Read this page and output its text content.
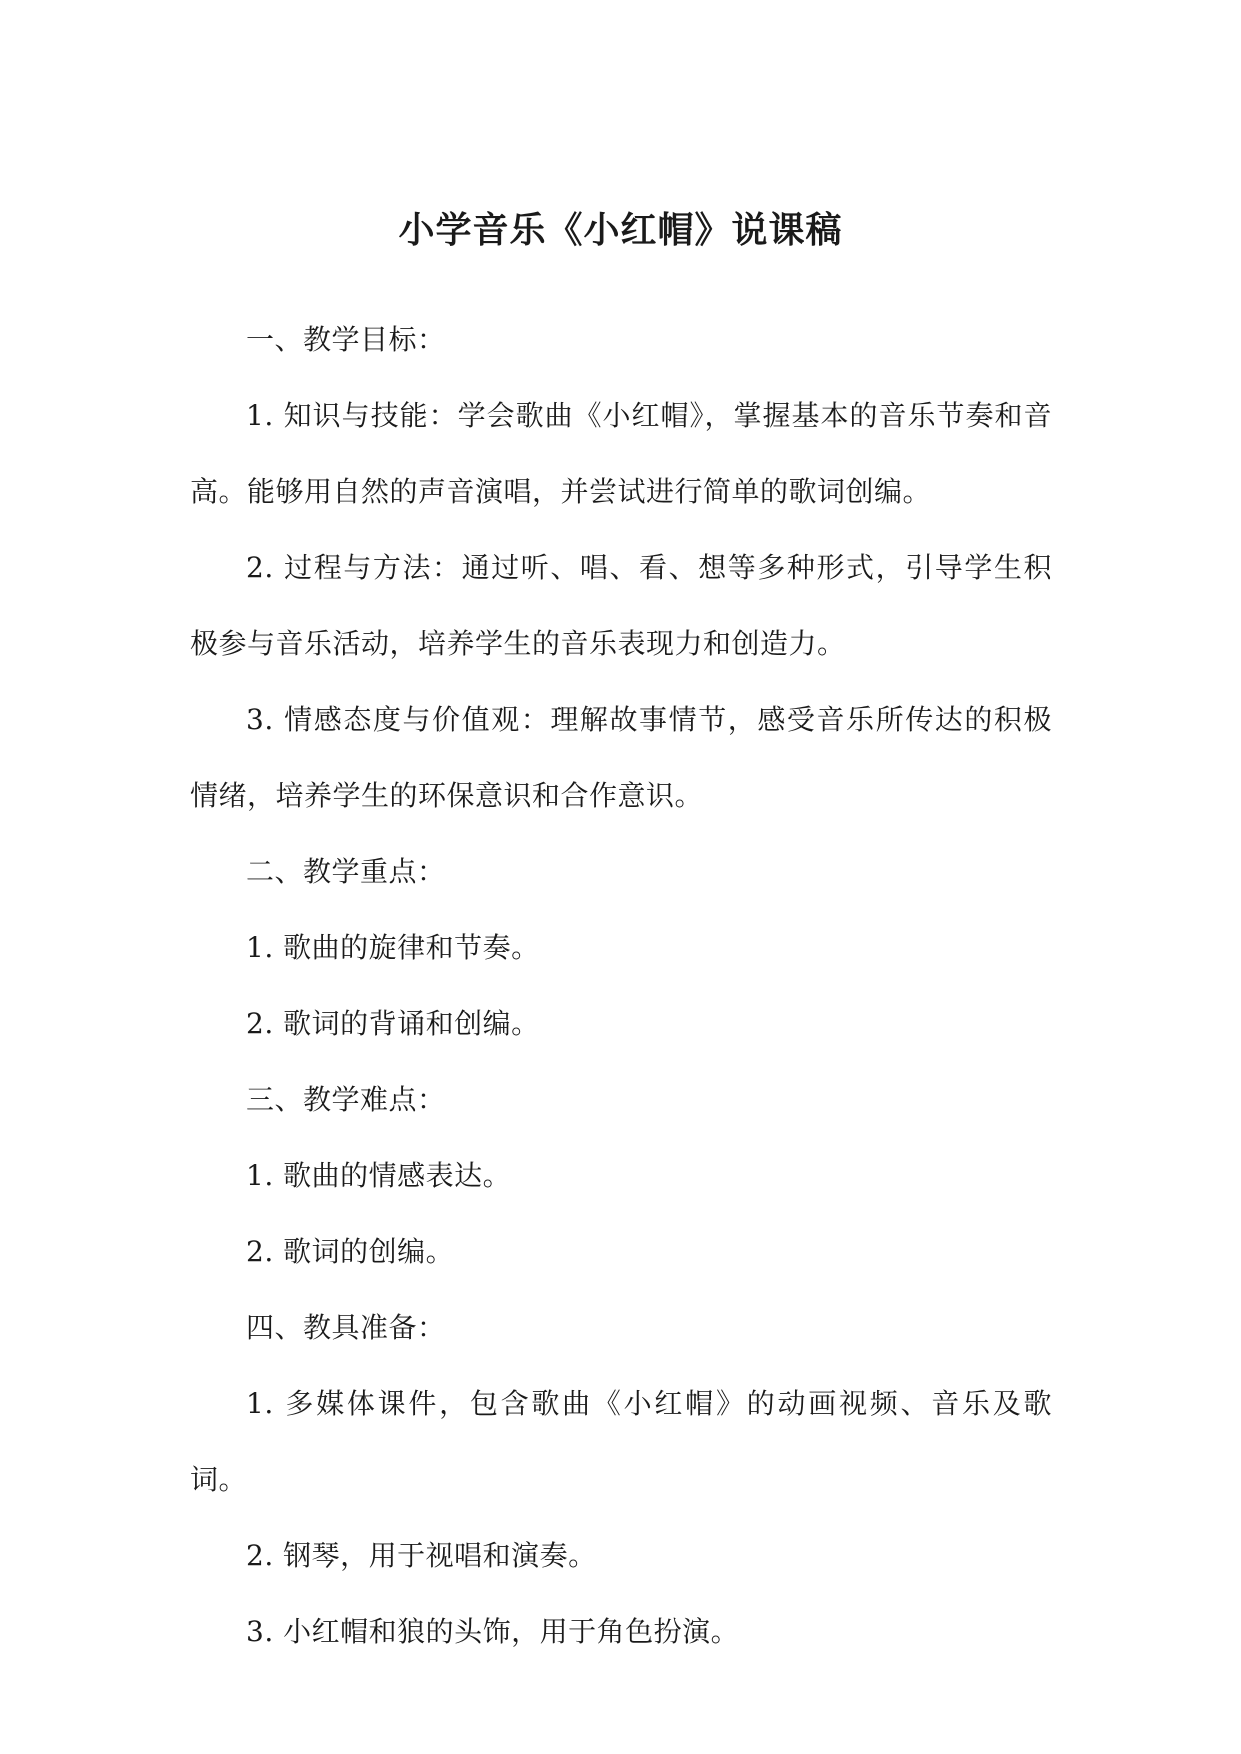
小学音乐《小红帽》说课稿

一、教学目标：

1. 知识与技能：学会歌曲《小红帽》，掌握基本的音乐节奏和音高。能够用自然的声音演唱，并尝试进行简单的歌词创编。

2. 过程与方法：通过听、唱、看、想等多种形式，引导学生积极参与音乐活动，培养学生的音乐表现力和创造力。

3. 情感态度与价值观：理解故事情节，感受音乐所传达的积极情绪，培养学生的环保意识和合作意识。

二、教学重点：

1. 歌曲的旋律和节奏。

2. 歌词的背诵和创编。

三、教学难点：

1. 歌曲的情感表达。

2. 歌词的创编。

四、教具准备：

1. 多媒体课件，包含歌曲《小红帽》的动画视频、音乐及歌词。

2. 钢琴，用于视唱和演奏。

3. 小红帽和狼的头饰，用于角色扮演。
